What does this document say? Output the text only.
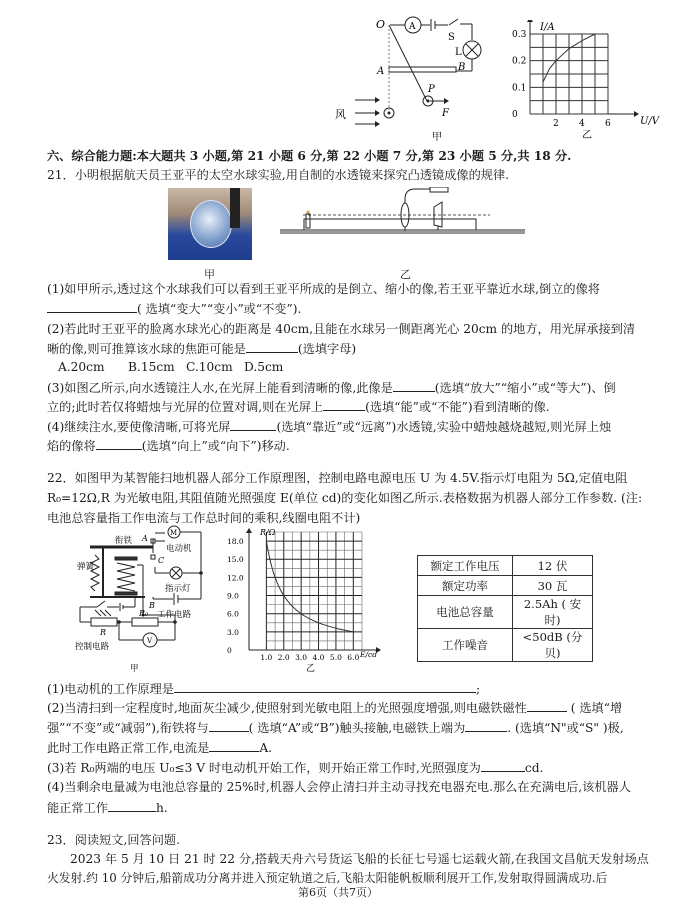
O	A
S
L
A	B
P
F
风
甲
2 4 6
0.3
0.2
0.1
0
I/A
U/V
乙
六、综合能力题:本大题共 3 小题,第 21 小题 6 分,第 22 小题 7 分,第 23 小题 5 分,共 18 分.
21．小明根据航天员王亚平的太空水球实验,用自制的水透镜来探究凸透镜成像的规律.
甲	乙
(1)如甲所示,透过这个水球我们可以看到王亚平所成的是倒立、缩小的像,若王亚平靠近水球,倒立的像将
( 选填“变大”“变小”或“不变”).
(2)若此时王亚平的脸离水球光心的距离是 40cm,且能在水球另一侧距离光心 20cm 的地方，用光屏承接到清
晰的像,则可推算该水球的焦距可能是	(选填字母)
A.20cm B.15cm C.10cm D.5cm
(3)如图乙所示,向水透镜注人水,在光屏上能看到清晰的像,此像是	(选填“放大”“缩小”或“等大”)、倒
立的;此时若仅将蜡烛与光屏的位置对调,则在光屏上	(选填“能”或“不能”)看到清晰的像.
(4)继续注水,要使像清晰,可将光屏	(选填“靠近”或“远离”)水透镜,实验中蜡烛越烧越短,则光屏上烛
焰的像将	(选填“向上”或“向下”)移动.
22．如图甲为某智能扫地机器人部分工作原理图，控制电路电源电压 U 为 4.5V.指示灯电阻为 5Ω,定值电阻
R₀=12Ω,R 为光敏电阻,其阻值随光照强度 E(单位 cd)的变化如图乙所示.表格数据为机器人部分工作参数. (注:
电池总容量指工作电流与工作总时间的乘积,线圈电阻不计)
衔铁
弹簧
A
C
B
M
电动机
指示灯
工作电路
R
R₀
V
控制电路
甲
1.0 2.0 3.0 4.0 5.0 6.0
18.0
15.0
12.0
9.0
6.0
3.0
0
R/Ω
E/cd
乙
额定工作电压	12 伏
额定功率	30 瓦
电池总容量	2.5Ah ( 安时)
工作噪音	<50dB (分贝)
(1)电动机的工作原理是	;
(2)当清扫到一定程度时,地面灰尘减少,使照射到光敏电阻上的光照强度增强,则电磁铁磁性	( 选填“增
强”“不变”或“减弱”),衔铁将与	( 选填“A”或“B”)触头接触,电磁铁上端为	. (选填“N"或“S" )极,
此时工作电路正常工作,电流是	A.
(3)若 R₀两端的电压 U₀≤3 V 时电动机开始工作，则开始正常工作时,光照强度为	cd.
(4)当剩余电量减为电池总容量的 25%时,机器人会停止清扫并主动寻找充电器充电.那么在充满电后,该机器人
能正常工作	h.
23．阅读短文,回答问题.
2023 年 5 月 10 日 21 时 22 分,搭载天舟六号货运飞船的长征七号遥七运载火箭,在我国文昌航天发射场点
火发射.约 10 分钟后,船箭成功分离并进入预定轨道之后,飞船太阳能帆板顺利展开工作,发射取得圆满成功.后
第6页（共7页）
